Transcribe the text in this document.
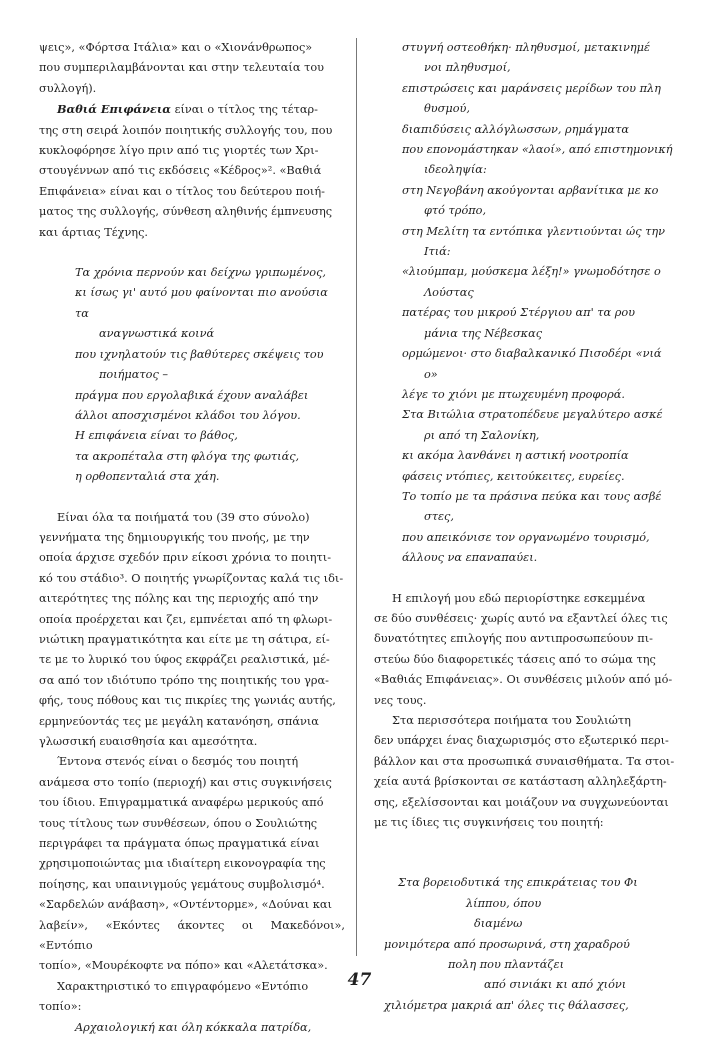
ψεις», «Φόρτσα Ιτάλια» και ο «Χιονάνθρωπος»
που συμπεριλαμβάνονται και στην τελευταία του
συλλογή).

Βαθιά Επιφάνεια είναι ο τίτλος της τέταρ-
της στη σειρά λοιπόν ποιητικής συλλογής του, που
κυκλοφόρησε λίγο πριν από τις γιορτές των Χρι-
στουγέννων από τις εκδόσεις «Κέδρος»². «Βαθιά
Επιφάνεια» είναι και ο τίτλος του δεύτερου ποιή-
ματος της συλλογής, σύνθεση αληθινής έμπνευσης
και άρτιας Τέχνης.

Τα χρόνια περνούν και δείχνω γριπωμένος,
κι ίσως γι' αυτό μου φαίνονται πιο ανούσια τα
αναγνωστικά κοινά
που ιχνηλατούν τις βαθύτερες σκέψεις του
ποιήματος –
πράγμα που εργολαβικά έχουν αναλάβει
άλλοι αποσχισμένοι κλάδοι του λόγου.
Η επιφάνεια είναι το βάθος,
τα ακροπέταλα στη φλόγα της φωτιάς,
η ορθοπενταλιά στα χάη.

Είναι όλα τα ποιήματά του (39 στο σύνολο)
γεννήματα της δημιουργικής του πνοής, με την
οποία άρχισε σχεδόν πριν είκοσι χρόνια το ποιητι-
κό του στάδιο³. Ο ποιητής γνωρίζοντας καλά τις ιδι-
αιτερότητες της πόλης και της περιοχής από την
οποία προέρχεται και ζει, εμπνέεται από τη φλωρι-
νιώτικη πραγματικότητα και είτε με τη σάτιρα, εί-
τε με το λυρικό του ύφος εκφράζει ρεαλιστικά, μέ-
σα από τον ιδιότυπο τρόπο της ποιητικής του γρα-
φής, τους πόθους και τις πικρίες της γωνιάς αυτής,
ερμηνεύοντάς τες με μεγάλη κατανόηση, σπάνια
γλωσσική ευαισθησία και αμεσότητα.

Έντονα στενός είναι ο δεσμός του ποιητή
ανάμεσα στο τοπίο (περιοχή) και στις συγκινήσεις
του ίδιου. Επιγραμματικά αναφέρω μερικούς από
τους τίτλους των συνθέσεων, όπου ο Σουλιώτης
περιγράφει τα πράγματα όπως πραγματικά είναι
χρησιμοποιώντας μια ιδιαίτερη εικονογραφία της
ποίησης, και υπαινιγμούς γεμάτους συμβολισμό⁴.
«Σαρδελών ανάβαση», «Οντέντορμε», «Δούναι και
λαβείν», «Εκόντες άκοντες οι Μακεδόνοι», «Εντόπιο
τοπίο», «Μουρέκοφτε να πόπο» και «Αλετάτσκα».

Χαρακτηριστικό το επιγραφόμενο «Εντόπιο
τοπίο»:

Αρχαιολογική και όλη κόκκαλα πατρίδα,
στυγνή οστεοθήκη· πληθυσμοί, μετακινημέ
νοι πληθυσμοί,
επιστρώσεις και μαράνσεις μερίδων του πλη
θυσμού,
διαπιδύσεις αλλόγλωσσων, ρημάγματα
που επονομάστηκαν «λαοί», από επιστημονική
ιδεοληψία:
στη Νεγοβάνη ακούγονται αρβανίτικα με κο
φτό τρόπο,
στη Μελίτη τα εντόπικα γλεντιούνται ώς την
Ιτιά:
«λιούμπαμ, μούσκεμα λέξη!» γνωμοδότησε ο
Λούστας
πατέρας του μικρού Στέργιου απ' τα ρου
μάνια της Νέβεσκας
ορμώμενοι· στο διαβαλκανικό Πισοδέρι «νιά
ο»
λέγε το χιόνι με πτωχευμένη προφορά.
Στα Βιτώλια στρατοπέδευε μεγαλύτερο ασκέ
ρι από τη Σαλονίκη,
κι ακόμα λανθάνει η αστική νοοτροπία
φάσεις ντόπιες, κειτούκειτες, ευρείες.
Το τοπίο με τα πράσινα πεύκα και τους ασβέ
στες,
που απεικόνισε τον οργανωμένο τουρισμό,
άλλους να επαναπαύει.

Η επιλογή μου εδώ περιορίστηκε εσκεμμένα
σε δύο συνθέσεις· χωρίς αυτό να εξαντλεί όλες τις
δυνατότητες επιλογής που αντιπροσωπεύουν πι-
στεύω δύο διαφορετικές τάσεις από το σώμα της
«Βαθιάς Επιφάνειας». Οι συνθέσεις μιλούν από μό-
νες τους.

Στα περισσότερα ποιήματα του Σουλιώτη
δεν υπάρχει ένας διαχωρισμός στο εξωτερικό περι-
βάλλον και στα προσωπικά συναισθήματα. Τα στοι-
χεία αυτά βρίσκονται σε κατάσταση αλληλεξάρτη-
σης, εξελίσσονται και μοιάζουν να συγχωνεύονται
με τις ίδιες τις συγκινήσεις του ποιητή:

Στα βορειοδυτικά της επικράτειας του Φι
λίππου, όπου
διαμένω
μονιμότερα από προσωρινά, στη χαραδρού
πολη που πλαντάζει
από σινιάκι κι από χιόνι
χιλιόμετρα μακριά απ' όλες τις θάλασσες,
47
